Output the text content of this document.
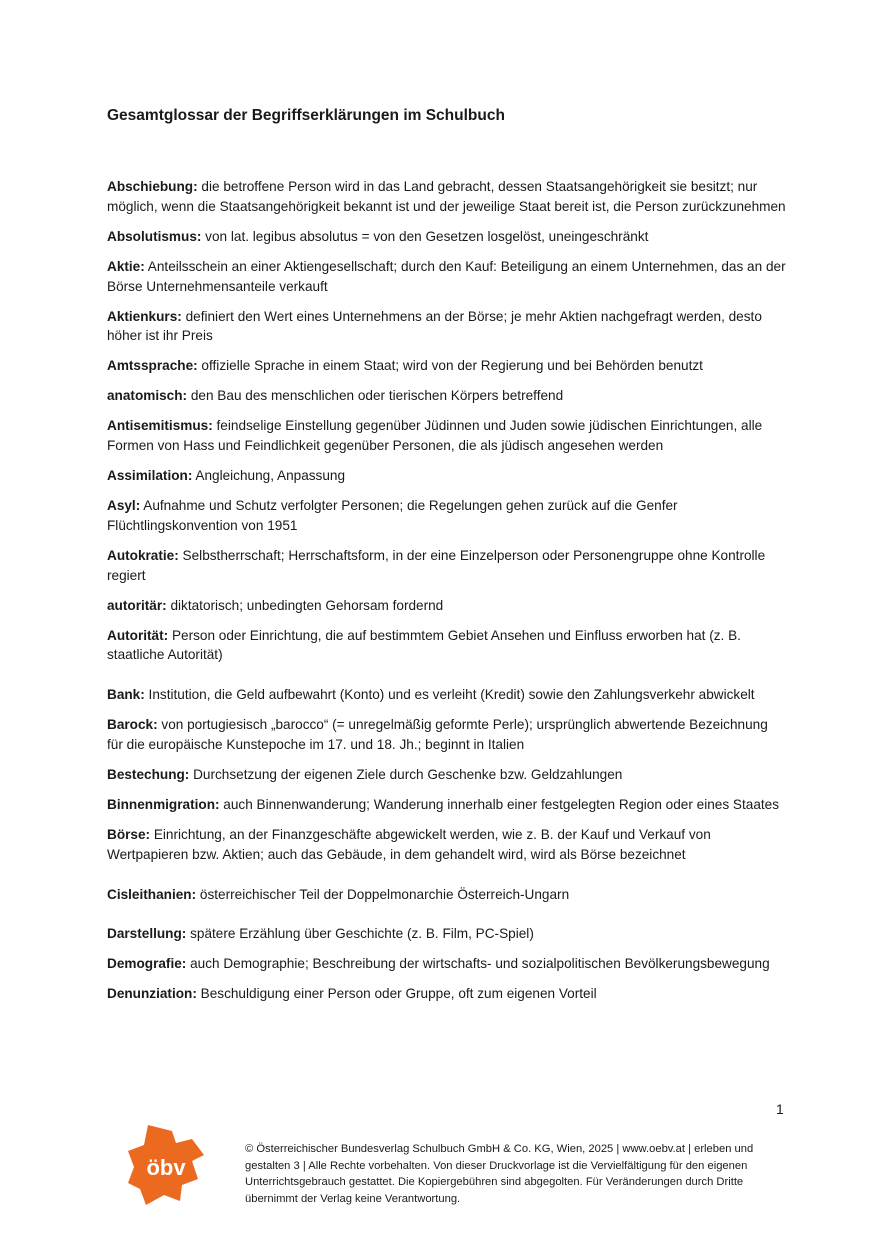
Gesamtglossar der Begriffserklärungen im Schulbuch
Abschiebung: die betroffene Person wird in das Land gebracht, dessen Staatsangehörigkeit sie besitzt; nur möglich, wenn die Staatsangehörigkeit bekannt ist und der jeweilige Staat bereit ist, die Person zurückzunehmen
Absolutismus: von lat. legibus absolutus = von den Gesetzen losgelöst, uneingeschränkt
Aktie: Anteilsschein an einer Aktiengesellschaft; durch den Kauf: Beteiligung an einem Unternehmen, das an der Börse Unternehmensanteile verkauft
Aktienkurs: definiert den Wert eines Unternehmens an der Börse; je mehr Aktien nachgefragt werden, desto höher ist ihr Preis
Amtssprache: offizielle Sprache in einem Staat; wird von der Regierung und bei Behörden benutzt
anatomisch: den Bau des menschlichen oder tierischen Körpers betreffend
Antisemitismus: feindselige Einstellung gegenüber Jüdinnen und Juden sowie jüdischen Einrichtungen, alle Formen von Hass und Feindlichkeit gegenüber Personen, die als jüdisch angesehen werden
Assimilation: Angleichung, Anpassung
Asyl: Aufnahme und Schutz verfolgter Personen; die Regelungen gehen zurück auf die Genfer Flüchtlingskonvention von 1951
Autokratie: Selbstherrschaft; Herrschaftsform, in der eine Einzelperson oder Personengruppe ohne Kontrolle regiert
autoritär: diktatorisch; unbedingten Gehorsam fordernd
Autorität: Person oder Einrichtung, die auf bestimmtem Gebiet Ansehen und Einfluss erworben hat (z. B. staatliche Autorität)
Bank: Institution, die Geld aufbewahrt (Konto) und es verleiht (Kredit) sowie den Zahlungsverkehr abwickelt
Barock: von portugiesisch „barocco“ (= unregelmäßig geformte Perle); ursprünglich abwertende Bezeichnung für die europäische Kunstepoche im 17. und 18. Jh.; beginnt in Italien
Bestechung: Durchsetzung der eigenen Ziele durch Geschenke bzw. Geldzahlungen
Binnenmigration: auch Binnenwanderung; Wanderung innerhalb einer festgelegten Region oder eines Staates
Börse: Einrichtung, an der Finanzgeschäfte abgewickelt werden, wie z. B. der Kauf und Verkauf von Wertpapieren bzw. Aktien; auch das Gebäude, in dem gehandelt wird, wird als Börse bezeichnet
Cisleithanien: österreichischer Teil der Doppelmonarchie Österreich-Ungarn
Darstellung: spätere Erzählung über Geschichte (z. B. Film, PC-Spiel)
Demografie: auch Demographie; Beschreibung der wirtschafts- und sozialpolitischen Bevölkerungsbewegung
Denunziation: Beschuldigung einer Person oder Gruppe, oft zum eigenen Vorteil
1
öbv
© Österreichischer Bundesverlag Schulbuch GmbH & Co. KG, Wien, 2025 | www.oebv.at | erleben und gestalten 3 | Alle Rechte vorbehalten. Von dieser Druckvorlage ist die Vervielfältigung für den eigenen Unterrichtsgebrauch gestattet. Die Kopiergebühren sind abgegolten. Für Veränderungen durch Dritte übernimmt der Verlag keine Verantwortung.
